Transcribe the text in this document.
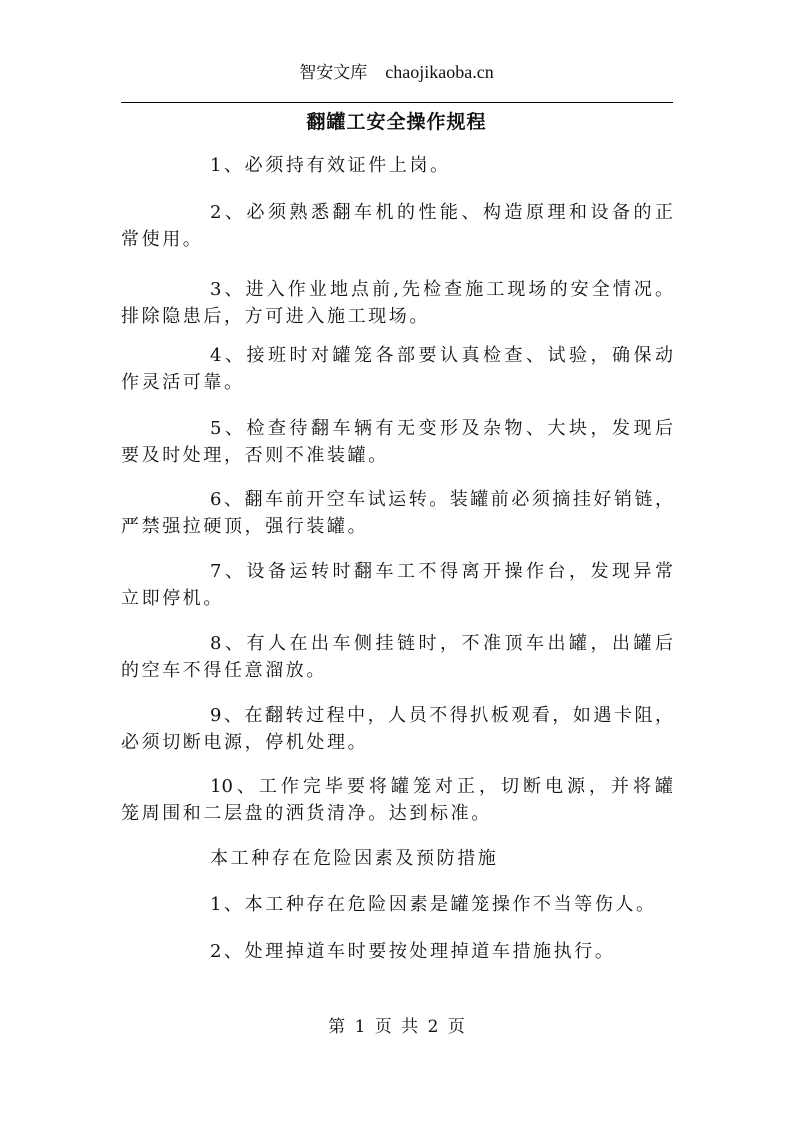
智安文库 chaojikaoba.cn
翻罐工安全操作规程
1、必须持有效证件上岗。
2、必须熟悉翻车机的性能、构造原理和设备的正
常使用。
3、进入作业地点前,先检查施工现场的安全情况。
排除隐患后，方可进入施工现场。
4、接班时对罐笼各部要认真检查、试验，确保动
作灵活可靠。
5、检查待翻车辆有无变形及杂物、大块，发现后
要及时处理，否则不准装罐。
6、翻车前开空车试运转。装罐前必须摘挂好销链，
严禁强拉硬顶，强行装罐。
7、设备运转时翻车工不得离开操作台，发现异常
立即停机。
8、有人在出车侧挂链时，不准顶车出罐，出罐后
的空车不得任意溜放。
9、在翻转过程中，人员不得扒板观看，如遇卡阻，
必须切断电源，停机处理。
10、工作完毕要将罐笼对正，切断电源，并将罐
笼周围和二层盘的洒货清净。达到标准。
本工种存在危险因素及预防措施
1、本工种存在危险因素是罐笼操作不当等伤人。
2、处理掉道车时要按处理掉道车措施执行。
第 1 页 共 2 页
